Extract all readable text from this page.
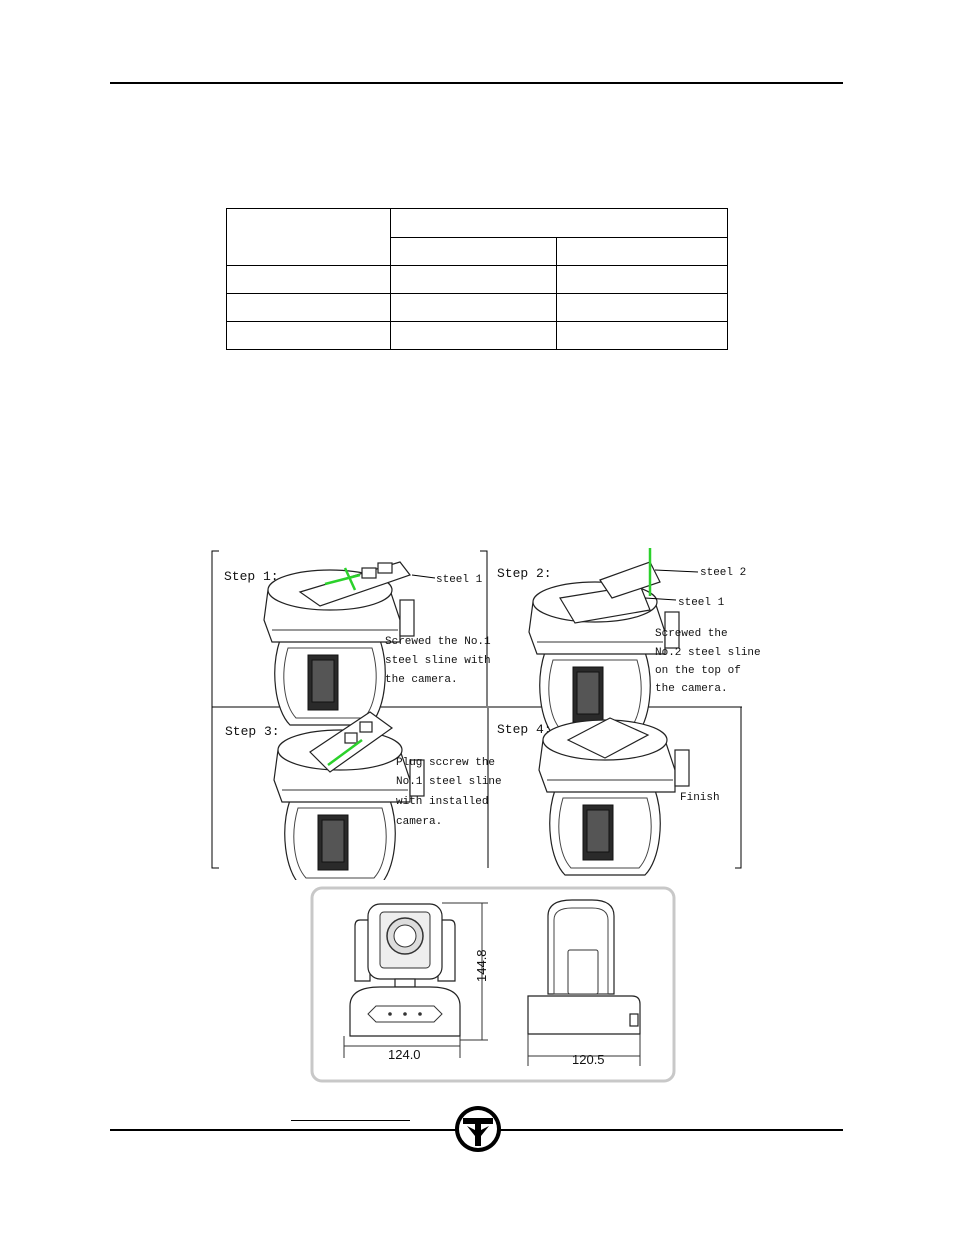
Step 1:	steel 1
Screwed the No.1
steel sline with
the camera.
Step 2:	steel 2
steel 1
Screwed the
No.2 steel sline
on the top of
the camera.
Step 3:
Plug sccrew the
No.1 steel sline
with installed
camera.
Step 4:
Finish
124.0
144.8
120.5
